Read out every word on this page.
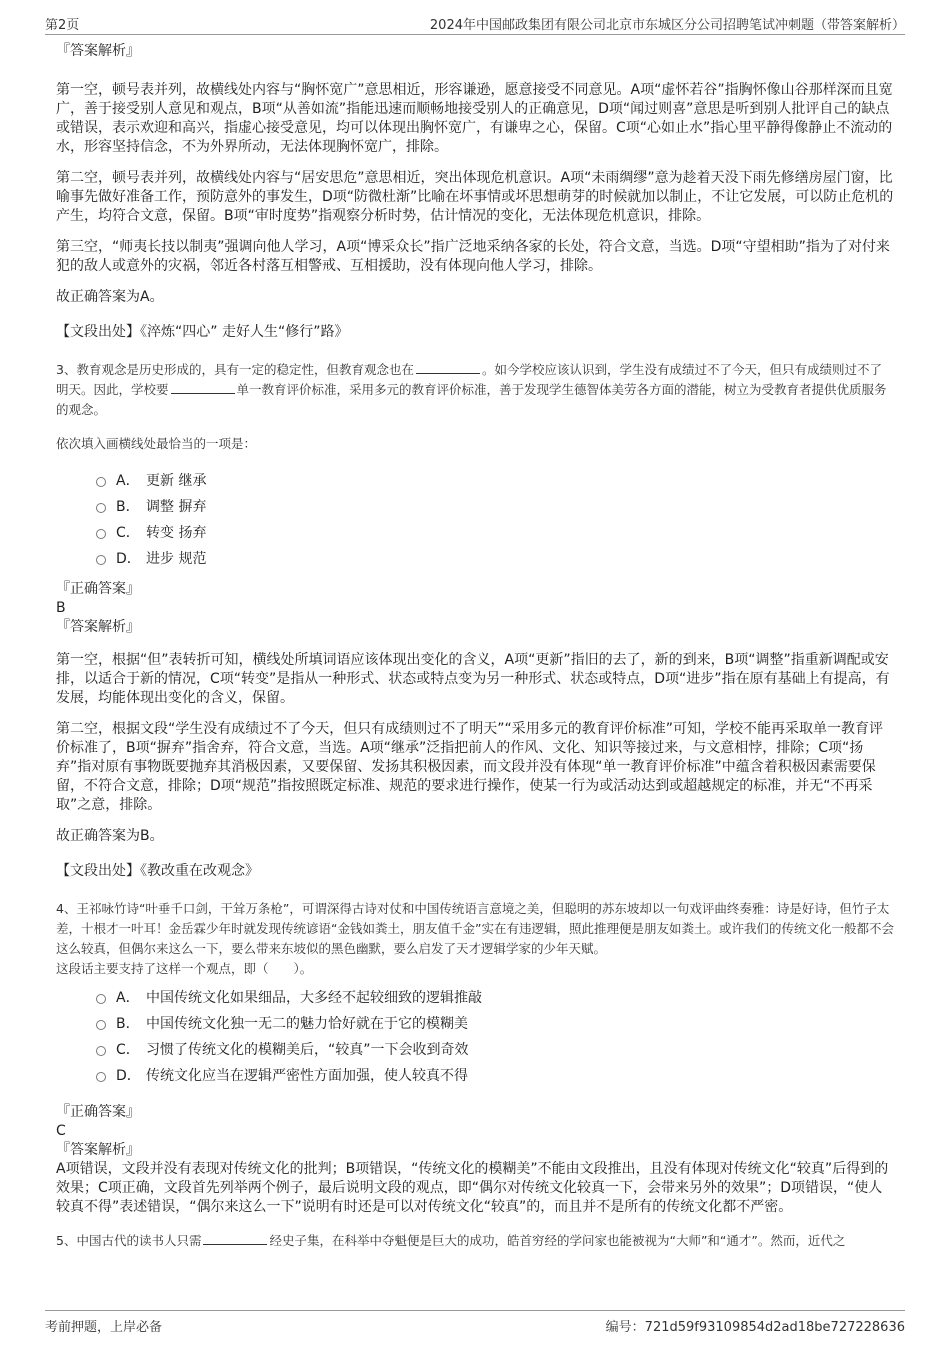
第2页	2024年中国邮政集团有限公司北京市东城区分公司招聘笔试冲刺题（带答案解析）

『答案解析』

第一空，顿号表并列，故横线处内容与“胸怀宽广”意思相近，形容谦逊，愿意接受不同意见。A项“虚怀若谷”指胸怀像山谷那样深而且宽广，善于接受别人意见和观点，B项“从善如流”指能迅速而顺畅地接受别人的正确意见，D项“闻过则喜”意思是听到别人批评自己的缺点或错误，表示欢迎和高兴，指虚心接受意见，均可以体现出胸怀宽广，有谦卑之心，保留。C项“心如止水”指心里平静得像静止不流动的水，形容坚持信念，不为外界所动，无法体现胸怀宽广，排除。

第二空，顿号表并列，故横线处内容与“居安思危”意思相近，突出体现危机意识。A项“未雨绸缪”意为趁着天没下雨先修缮房屋门窗，比喻事先做好准备工作，预防意外的事发生，D项“防微杜渐”比喻在坏事情或坏思想萌芽的时候就加以制止，不让它发展，可以防止危机的产生，均符合文意，保留。B项“审时度势”指观察分析时势，估计情况的变化，无法体现危机意识，排除。

第三空，“师夷长技以制夷”强调向他人学习，A项“博采众长”指广泛地采纳各家的长处，符合文意，当选。D项“守望相助”指为了对付来犯的敌人或意外的灾祸，邻近各村落互相警戒、互相援助，没有体现向他人学习，排除。

故正确答案为A。

【文段出处】《淬炼“四心” 走好人生“修行”路》

3、教育观念是历史形成的，具有一定的稳定性，但教育观念也在	。如今学校应该认识到，学生没有成绩过不了今天，但只有成绩则过不了明天。因此，学校要	单一教育评价标准，采用多元的教育评价标准，善于发现学生德智体美劳各方面的潜能，树立为受教育者提供优质服务的观念。

依次填入画横线处最恰当的一项是：

A． 更新 继承
B． 调整 摒弃
C． 转变 扬弃
D． 进步 规范

『正确答案』

B

『答案解析』

第一空，根据“但”表转折可知，横线处所填词语应该体现出变化的含义，A项“更新”指旧的去了，新的到来，B项“调整”指重新调配或安排，以适合于新的情况，C项“转变”是指从一种形式、状态或特点变为另一种形式、状态或特点，D项“进步”指在原有基础上有提高，有发展，均能体现出变化的含义，保留。

第二空，根据文段“学生没有成绩过不了今天，但只有成绩则过不了明天”“采用多元的教育评价标准”可知，学校不能再采取单一教育评价标准了，B项“摒弃”指舍弃，符合文意，当选。A项“继承”泛指把前人的作风、文化、知识等接过来，与文意相悖，排除；C项“扬弃”指对原有事物既要抛弃其消极因素，又要保留、发扬其积极因素，而文段并没有体现“单一教育评价标准”中蕴含着积极因素需要保留，不符合文意，排除；D项“规范”指按照既定标准、规范的要求进行操作，使某一行为或活动达到或超越规定的标准，并无“不再采取”之意，排除。

故正确答案为B。

【文段出处】《教改重在改观念》

4、王祁咏竹诗“叶垂千口剑，干耸万条枪”，可谓深得古诗对仗和中国传统语言意境之美，但聪明的苏东坡却以一句戏评曲终奏雅：诗是好诗，但竹子太差，十根才一叶耳！金岳霖少年时就发现传统谚语“金钱如粪土，朋友值千金”实在有违逻辑，照此推理便是朋友如粪土。或许我们的传统文化一般都不会这么较真，但偶尔来这么一下，要么带来东坡似的黑色幽默，要么启发了天才逻辑学家的少年天赋。

这段话主要支持了这样一个观点，即（　　）。

A． 中国传统文化如果细品，大多经不起较细致的逻辑推敲
B． 中国传统文化独一无二的魅力恰好就在于它的模糊美
C． 习惯了传统文化的模糊美后，“较真”一下会收到奇效
D． 传统文化应当在逻辑严密性方面加强，使人较真不得

『正确答案』

C

『答案解析』

A项错误，文段并没有表现对传统文化的批判；B项错误，“传统文化的模糊美”不能由文段推出，且没有体现对传统文化“较真”后得到的效果；C项正确，文段首先列举两个例子，最后说明文段的观点，即“偶尔对传统文化较真一下，会带来另外的效果”；D项错误，“使人较真不得”表述错误，“偶尔来这么一下”说明有时还是可以对传统文化“较真”的，而且并不是所有的传统文化都不严密。

5、中国古代的读书人只需	经史子集，在科举中夺魁便是巨大的成功，皓首穷经的学问家也能被视为“大师”和“通才”。然而，近代之

考前押题，上岸必备	编号：721d59f93109854d2ad18be727228636
